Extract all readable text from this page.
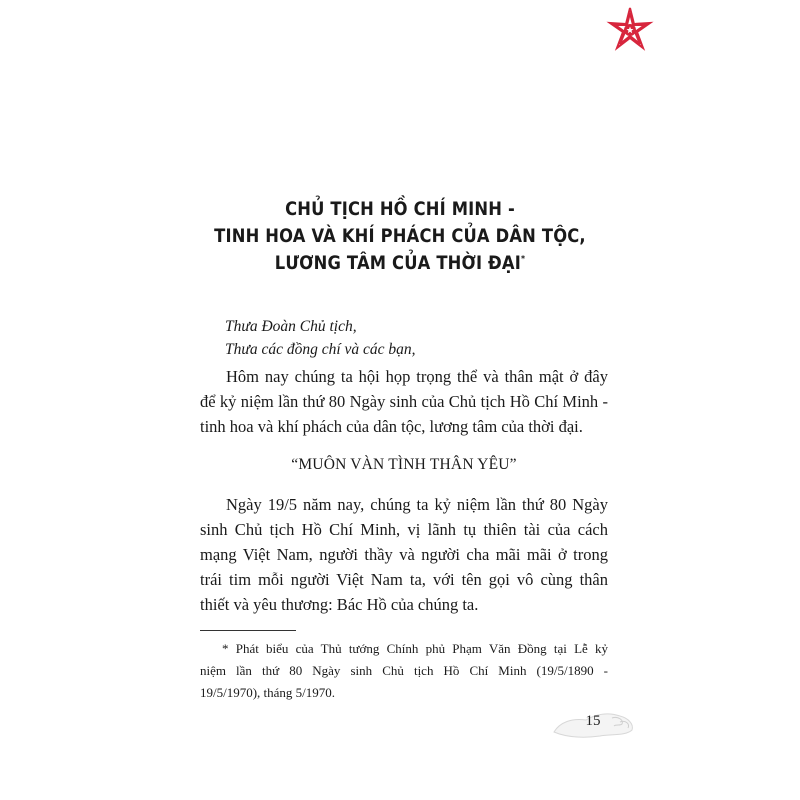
CHỦ TỊCH HỒ CHÍ MINH -
TINH HOA VÀ KHÍ PHÁCH CỦA DÂN TỘC,
LƯƠNG TÂM CỦA THỜI ĐẠI*
Thưa Đoàn Chủ tịch,
Thưa các đồng chí và các bạn,
Hôm nay chúng ta hội họp trọng thể và thân mật ở đây
để kỷ niệm lần thứ 80 Ngày sinh của Chủ tịch Hồ Chí Minh -
tinh hoa và khí phách của dân tộc, lương tâm của thời đại.
“MUÔN VÀN TÌNH THÂN YÊU”
Ngày 19/5 năm nay, chúng ta kỷ niệm lần thứ 80 Ngày
sinh Chủ tịch Hồ Chí Minh, vị lãnh tụ thiên tài của cách
mạng Việt Nam, người thầy và người cha mãi mãi ở trong
trái tim mỗi người Việt Nam ta, với tên gọi vô cùng thân
thiết và yêu thương: Bác Hồ của chúng ta.
* Phát biểu của Thủ tướng Chính phủ Phạm Văn Đồng tại Lễ kỷ
niệm lần thứ 80 Ngày sinh Chủ tịch Hồ Chí Minh (19/5/1890 -
19/5/1970), tháng 5/1970.
15
